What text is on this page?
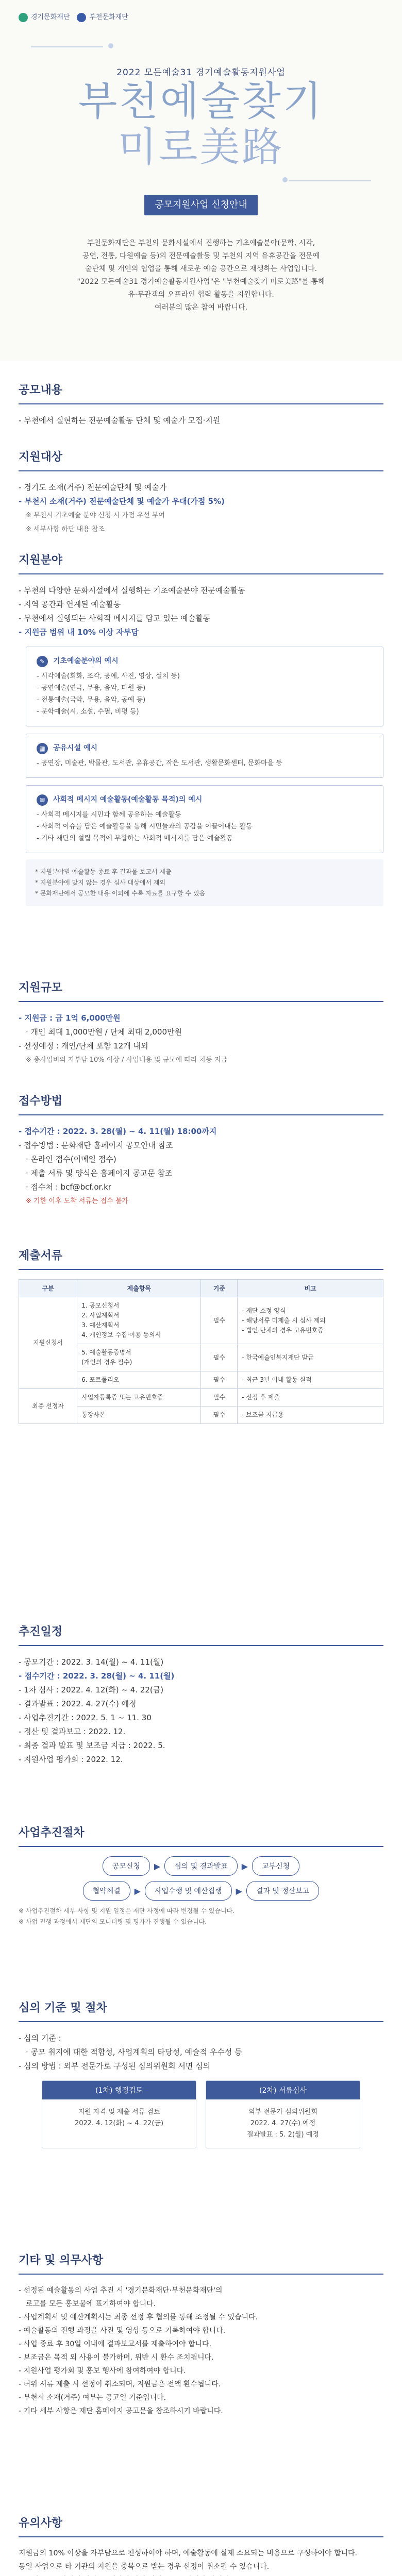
경기문화재단	부천문화재단
2022 모든예술31 경기예술활동지원사업
부천예술찾기
미로美路
공모지원사업 신청안내
부천문화재단은 부천의 문화시설에서 진행하는 기초예술분야(문학, 시각,
공연, 전통, 다원예술 등)의 전문예술활동 및 부천의 지역 유휴공간을 전문예
술단체 및 개인의 협업을 통해 새로운 예술 공간으로 재생하는 사업입니다.
"2022 모든예술31 경기예술활동지원사업"은 "부천예술찾기 미로美路"를 통해
유·무관객의 오프라인 협력 활동을 지원합니다.
여러분의 많은 참여 바랍니다.
공모내용
- 부천에서 실현하는 전문예술활동 단체 및 예술가 모집·지원
지원대상
- 경기도 소재(거주) 전문예술단체 및 예술가
- 부천시 소재(거주) 전문예술단체 및 예술가 우대(가점 5%)
※ 부천시 기초예술 분야 신청 시 가점 우선 부여
※ 세부사항 하단 내용 참조
지원분야
- 부천의 다양한 문화시설에서 실행하는 기초예술분야 전문예술활동
- 지역 공간과 연계된 예술활동
- 부천에서 실행되는 사회적 메시지를 담고 있는 예술활동
- 지원금 범위 내 10% 이상 자부담
✎	기초예술분야의 예시
- 시각예술(회화, 조각, 공예, 사진, 영상, 설치 등)
- 공연예술(연극, 무용, 음악, 다원 등)
- 전통예술(국악, 무용, 음악, 공예 등)
- 문학예술(시, 소설, 수필, 비평 등)
▦	공유시설 예시
- 공연장, 미술관, 박물관, 도서관, 유휴공간, 작은 도서관, 생활문화센터, 문화마을 등
✉	사회적 메시지 예술활동(예술활동 목적)의 예시
- 사회적 메시지를 시민과 함께 공유하는 예술활동
- 사회적 이슈를 담은 예술활동을 통해 시민들과의 공감을 이끌어내는 활동
- 기타 재단의 설립 목적에 부합하는 사회적 메시지를 담은 예술활동
* 지원분야별 예술활동 종료 후 결과물 보고서 제출
* 지원분야에 맞지 않는 경우 심사 대상에서 제외
* 문화재단에서 공모한 내용 이외에 수록 자료를 요구할 수 있음
지원규모
- 지원금 : 금 1억 6,000만원
· 개인 최대 1,000만원 / 단체 최대 2,000만원
- 선정예정 : 개인/단체 포함 12개 내외
※ 총사업비의 자부담 10% 이상 / 사업내용 및 규모에 따라 차등 지급
접수방법
- 접수기간 : 2022. 3. 28(월) ~ 4. 11(월) 18:00까지
- 접수방법 : 문화재단 홈페이지 공모안내 참조
· 온라인 접수(이메일 접수)
· 제출 서류 및 양식은 홈페이지 공고문 참조
· 접수처 : bcf@bcf.or.kr
※ 기한 이후 도착 서류는 접수 불가
제출서류
구분	제출항목	기준	비고
지원신청서	1. 공모신청서
2. 사업계획서
3. 예산계획서
4. 개인정보 수집·이용 동의서	필수	- 재단 소정 양식
- 해당서류 미제출 시 심사 제외
- 법인·단체의 경우 고유번호증
	5. 예술활동증명서
(개인의 경우 필수)	필수	- 한국예술인복지재단 발급
	6. 포트폴리오	필수	- 최근 3년 이내 활동 실적
최종 선정자	사업자등록증 또는 고유번호증	필수	- 선정 후 제출
	통장사본	필수	- 보조금 지급용
추진일정
- 공모기간 : 2022. 3. 14(월) ~ 4. 11(월)
- 접수기간 : 2022. 3. 28(월) ~ 4. 11(월)
- 1차 심사 : 2022. 4. 12(화) ~ 4. 22(금)
- 결과발표 : 2022. 4. 27(수) 예정
- 사업추진기간 : 2022. 5. 1 ~ 11. 30
- 정산 및 결과보고 : 2022. 12.
- 최종 결과 발표 및 보조금 지급 : 2022. 5.
- 지원사업 평가회 : 2022. 12.
사업추진절차
공모신청	▶	심의 및 결과발표	▶	교부신청
협약체결	▶	사업수행 및 예산집행	▶	결과 및 정산보고
※ 사업추진절차 세부 사항 및 지원 일정은 재단 사정에 따라 변경될 수 있습니다.
※ 사업 진행 과정에서 재단의 모니터링 및 평가가 진행될 수 있습니다.
심의 기준 및 절차
- 심의 기준 :
· 공모 취지에 대한 적합성, 사업계획의 타당성, 예술적 우수성 등
- 심의 방법 : 외부 전문가로 구성된 심의위원회 서면 심의
(1차) 행정검토
지원 자격 및 제출 서류 검토
2022. 4. 12(화) ~ 4. 22(금)
(2차) 서류심사
외부 전문가 심의위원회
2022. 4. 27(수) 예정
결과발표 : 5. 2(월) 예정
기타 및 의무사항
- 선정된 예술활동의 사업 추진 시 '경기문화재단·부천문화재단'의
로고를 모든 홍보물에 표기하여야 합니다.
- 사업계획서 및 예산계획서는 최종 선정 후 협의를 통해 조정될 수 있습니다.
- 예술활동의 진행 과정을 사진 및 영상 등으로 기록하여야 합니다.
- 사업 종료 후 30일 이내에 결과보고서를 제출하여야 합니다.
- 보조금은 목적 외 사용이 불가하며, 위반 시 환수 조치됩니다.
- 지원사업 평가회 및 홍보 행사에 참여하여야 합니다.
- 허위 서류 제출 시 선정이 취소되며, 지원금은 전액 환수됩니다.
- 부천시 소재(거주) 여부는 공고일 기준입니다.
- 기타 세부 사항은 재단 홈페이지 공고문을 참조하시기 바랍니다.
유의사항
지원금의 10% 이상을 자부담으로 편성하여야 하며, 예술활동에 실제 소요되는 비용으로 구성하여야 합니다.
동일 사업으로 타 기관의 지원을 중복으로 받는 경우 선정이 취소될 수 있습니다.
